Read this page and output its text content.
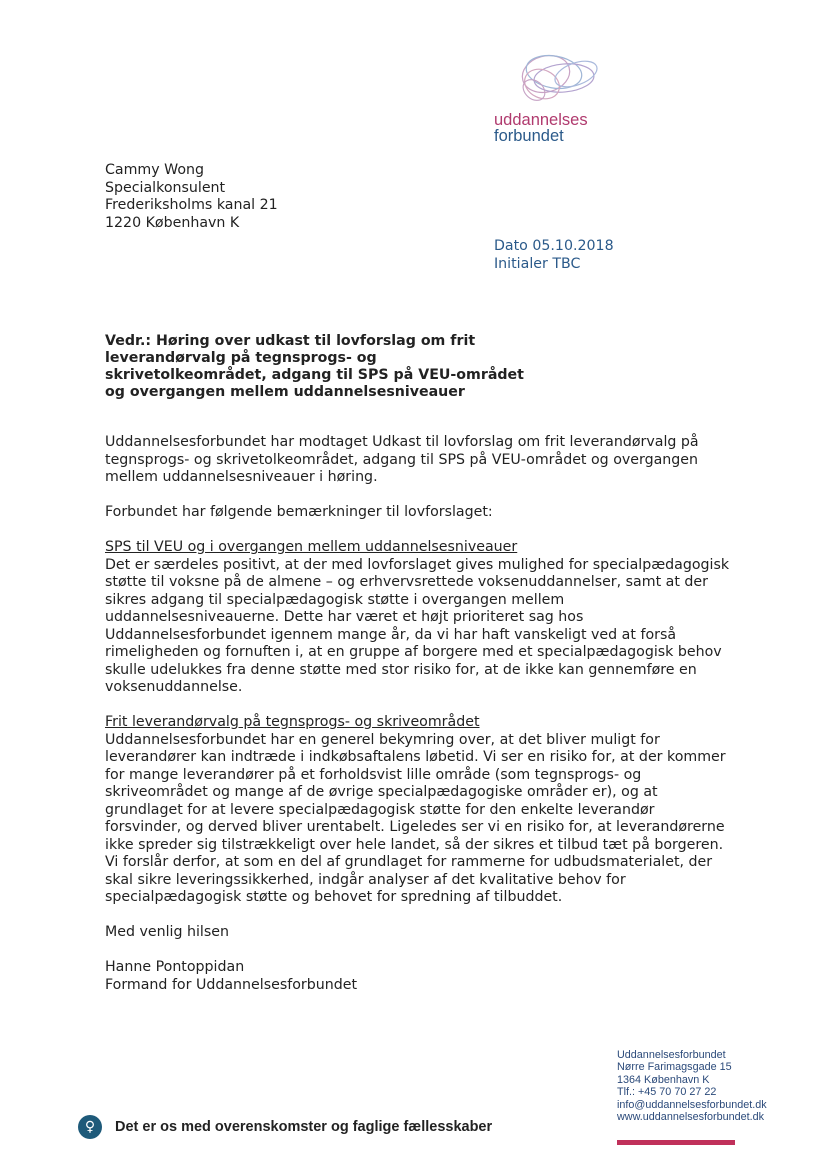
uddannelses
forbundet
Cammy Wong
Specialkonsulent
Frederiksholms kanal 21
1220 København K
Dato 05.10.2018
Initialer TBC
Vedr.: Høring over udkast til lovforslag om frit leverandørvalg på tegnsprogs- og skrivetolkeområdet, adgang til SPS på VEU-området og overgangen mellem uddannelsesniveauer

Uddannelsesforbundet har modtaget Udkast til lovforslag om frit leverandørvalg på tegnsprogs- og skrivetolkeområdet, adgang til SPS på VEU-området og overgangen mellem uddannelsesniveauer i høring.

Forbundet har følgende bemærkninger til lovforslaget:

SPS til VEU og i overgangen mellem uddannelsesniveauer

Det er særdeles positivt, at der med lovforslaget gives mulighed for specialpædagogisk støtte til voksne på de almene – og erhvervsrettede voksenuddannelser, samt at der sikres adgang til specialpædagogisk støtte i overgangen mellem uddannelsesniveauerne. Dette har været et højt prioriteret sag hos Uddannelsesforbundet igennem mange år, da vi har haft vanskeligt ved at forså rimeligheden og fornuften i, at en gruppe af borgere med et specialpædagogisk behov skulle udelukkes fra denne støtte med stor risiko for, at de ikke kan gennemføre en voksenuddannelse.

Frit leverandørvalg på tegnsprogs- og skriveområdet

Uddannelsesforbundet har en generel bekymring over, at det bliver muligt for leverandører kan indtræde i indkøbsaftalens løbetid. Vi ser en risiko for, at der kommer for mange leverandører på et forholdsvist lille område (som tegnsprogs- og skriveområdet og mange af de øvrige specialpædagogiske områder er), og at grundlaget for at levere specialpædagogisk støtte for den enkelte leverandør forsvinder, og derved bliver urentabelt. Ligeledes ser vi en risiko for, at leverandørerne ikke spreder sig tilstrækkeligt over hele landet, så der sikres et tilbud tæt på borgeren. Vi forslår derfor, at som en del af grundlaget for rammerne for udbudsmaterialet, der skal sikre leveringssikkerhed, indgår analyser af det kvalitative behov for specialpædagogisk støtte og behovet for spredning af tilbuddet.

Med venlig hilsen

Hanne Pontoppidan
Formand for Uddannelsesforbundet
Uddannelsesforbundet
Nørre Farimagsgade 15
1364 København K
Tlf.: +45 70 70 27 22
info@uddannelsesforbundet.dk
www.uddannelsesforbundet.dk
♀	Det er os med overenskomster og faglige fællesskaber
